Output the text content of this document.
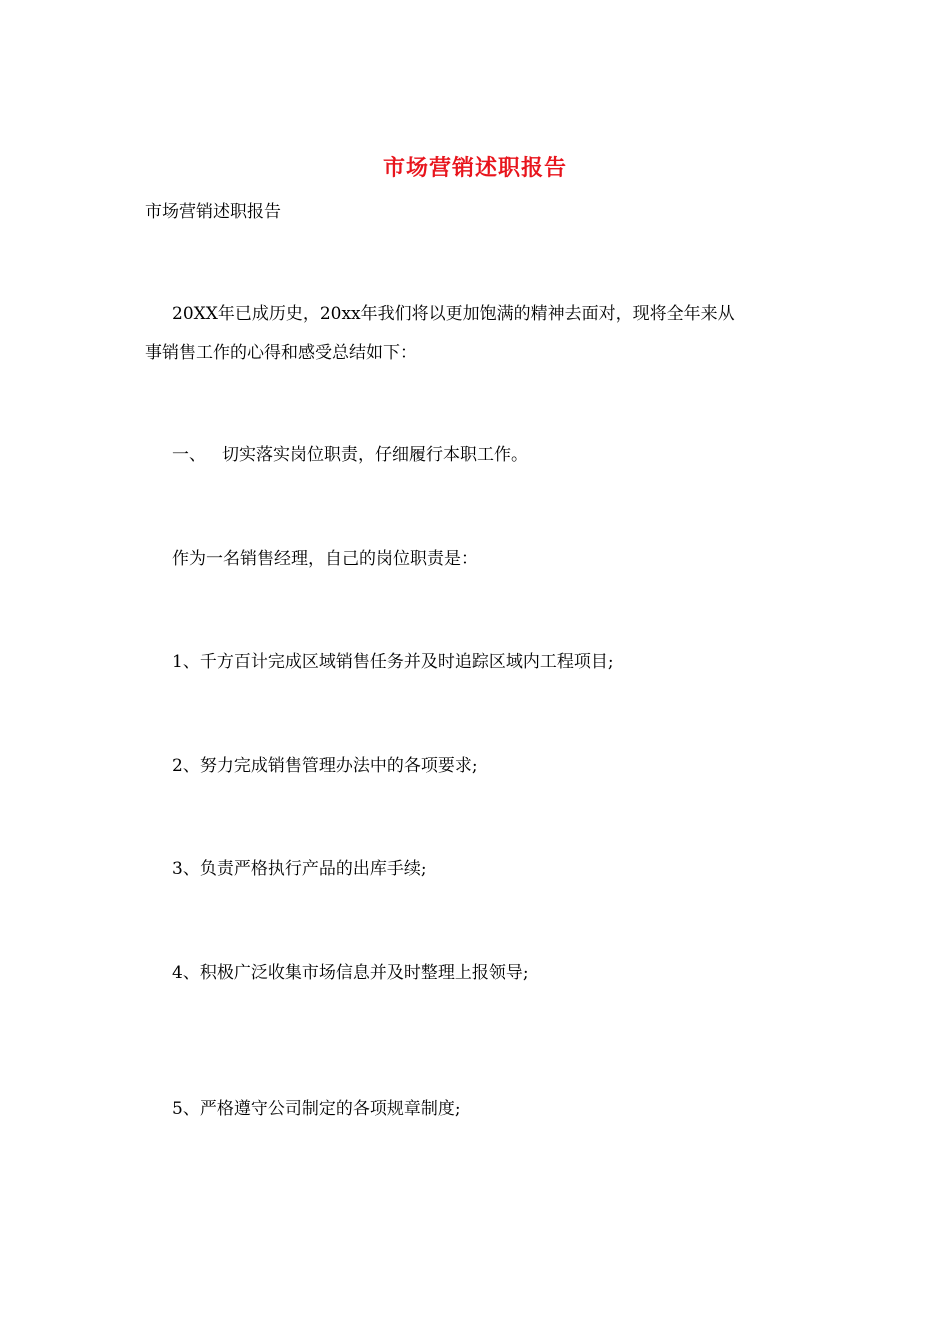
市场营销述职报告
市场营销述职报告
20XX年已成历史，20xx年我们将以更加饱满的精神去面对，现将全年来从
事销售工作的心得和感受总结如下：
一、 切实落实岗位职责，仔细履行本职工作。
作为一名销售经理，自己的岗位职责是：
1、千方百计完成区域销售任务并及时追踪区域内工程项目;
2、努力完成销售管理办法中的各项要求;
3、负责严格执行产品的出库手续;
4、积极广泛收集市场信息并及时整理上报领导;
5、严格遵守公司制定的各项规章制度;
